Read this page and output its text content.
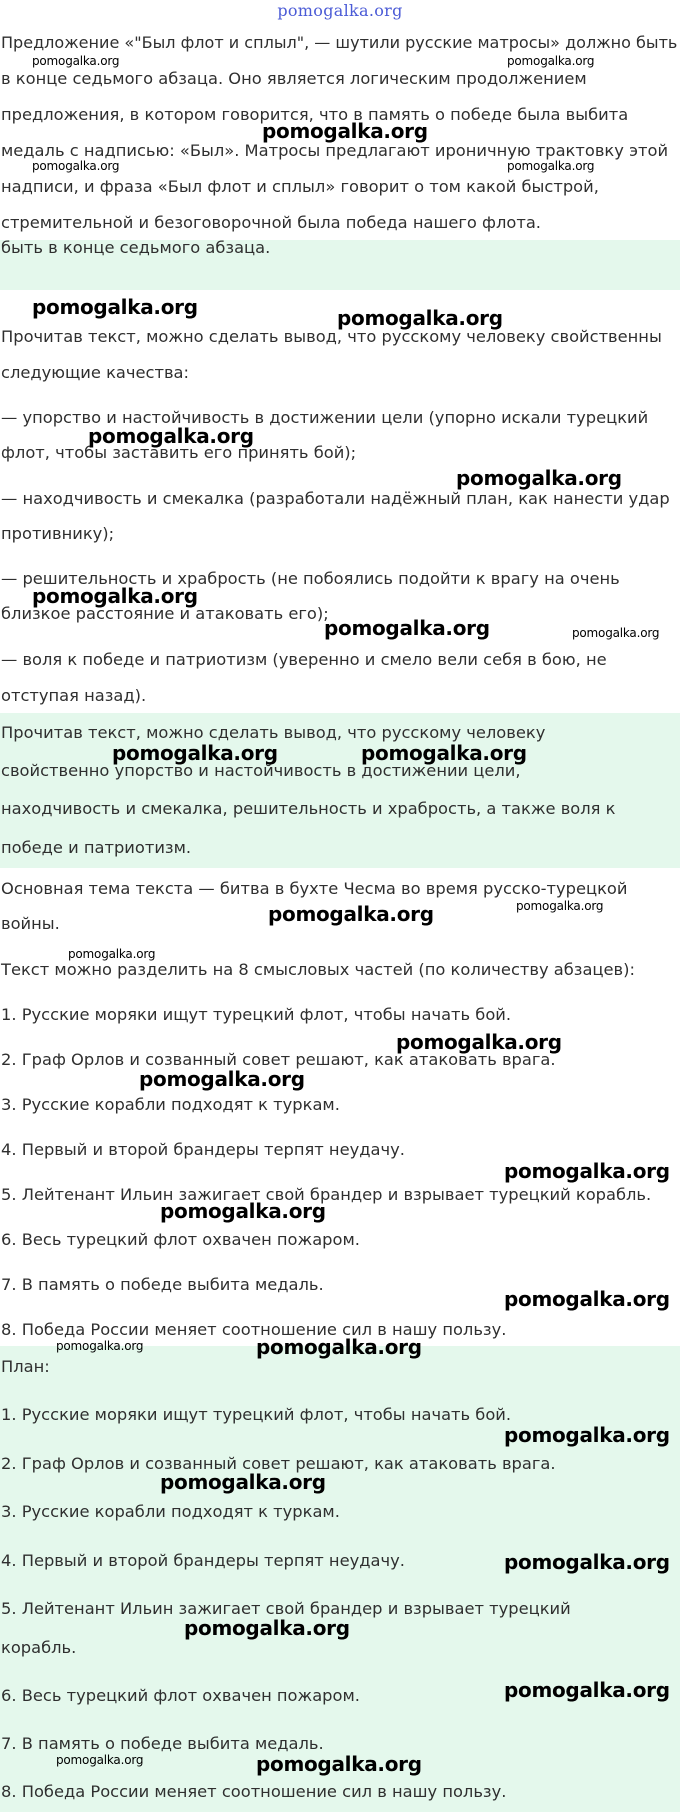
pomogalka.org
Предложение «"Был флот и сплыл", — шутили русские матросы» должно быть
в конце седьмого абзаца. Оно является логическим продолжением
предложения, в котором говорится, что в память о победе была выбита
медаль с надписью: «Был». Матросы предлагают ироничную трактовку этой
надписи, и фраза «Был флот и сплыл» говорит о том какой быстрой,
стремительной и безоговорочной была победа нашего флота.
быть в конце седьмого абзаца.
Прочитав текст, можно сделать вывод, что русскому человеку свойственны
следующие качества:
— упорство и настойчивость в достижении цели (упорно искали турецкий
флот, чтобы заставить его принять бой);
— находчивость и смекалка (разработали надёжный план, как нанести удар
противнику);
— решительность и храбрость (не побоялись подойти к врагу на очень
близкое расстояние и атаковать его);
— воля к победе и патриотизм (уверенно и смело вели себя в бою, не
отступая назад).
Прочитав текст, можно сделать вывод, что русскому человеку
свойственно упорство и настойчивость в достижении цели,
находчивость и смекалка, решительность и храбрость, а также воля к
победе и патриотизм.
Основная тема текста — битва в бухте Чесма во время русско-турецкой
войны.
Текст можно разделить на 8 смысловых частей (по количеству абзацев):
1. Русские моряки ищут турецкий флот, чтобы начать бой.
2. Граф Орлов и созванный совет решают, как атаковать врага.
3. Русские корабли подходят к туркам.
4. Первый и второй брандеры терпят неудачу.
5. Лейтенант Ильин зажигает свой брандер и взрывает турецкий корабль.
6. Весь турецкий флот охвачен пожаром.
7. В память о победе выбита медаль.
8. Победа России меняет соотношение сил в нашу пользу.
План:
1. Русские моряки ищут турецкий флот, чтобы начать бой.
2. Граф Орлов и созванный совет решают, как атаковать врага.
3. Русские корабли подходят к туркам.
4. Первый и второй брандеры терпят неудачу.
5. Лейтенант Ильин зажигает свой брандер и взрывает турецкий
корабль.
6. Весь турецкий флот охвачен пожаром.
7. В память о победе выбита медаль.
8. Победа России меняет соотношение сил в нашу пользу.
pomogalka.org	pomogalka.org
pomogalka.org
pomogalka.org	pomogalka.org
pomogalka.org	pomogalka.org
pomogalka.org
pomogalka.org
pomogalka.org
pomogalka.org	pomogalka.org
pomogalka.org	pomogalka.org
pomogalka.org	pomogalka.org
pomogalka.org
pomogalka.org
pomogalka.org
pomogalka.org
pomogalka.org
pomogalka.org
pomogalka.org	pomogalka.org
pomogalka.org
pomogalka.org
pomogalka.org
pomogalka.org
pomogalka.org
pomogalka.org	pomogalka.org
